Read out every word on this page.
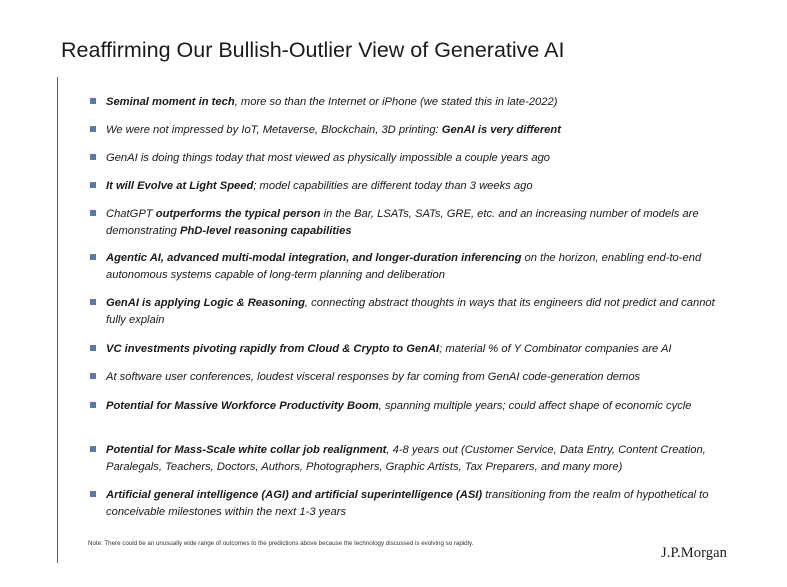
Reaffirming Our Bullish-Outlier View of Generative AI
Seminal moment in tech, more so than the Internet or iPhone (we stated this in late-2022)
We were not impressed by IoT, Metaverse, Blockchain, 3D printing: GenAI is very different
GenAI is doing things today that most viewed as physically impossible a couple years ago
It will Evolve at Light Speed; model capabilities are different today than 3 weeks ago
ChatGPT outperforms the typical person in the Bar, LSATs, SATs, GRE, etc. and an increasing number of models are demonstrating PhD-level reasoning capabilities
Agentic AI, advanced multi-modal integration, and longer-duration inferencing on the horizon, enabling end-to-end autonomous systems capable of long-term planning and deliberation
GenAI is applying Logic & Reasoning, connecting abstract thoughts in ways that its engineers did not predict and cannot fully explain
VC investments pivoting rapidly from Cloud & Crypto to GenAI; material % of Y Combinator companies are AI
At software user conferences, loudest visceral responses by far coming from GenAI code-generation demos
Potential for Massive Workforce Productivity Boom, spanning multiple years; could affect shape of economic cycle
Potential for Mass-Scale white collar job realignment, 4-8 years out (Customer Service, Data Entry, Content Creation, Paralegals, Teachers, Doctors, Authors, Photographers, Graphic Artists, Tax Preparers, and many more)
Artificial general intelligence (AGI) and artificial superintelligence (ASI) transitioning from the realm of hypothetical to conceivable milestones within the next 1-3 years
Note: There could be an unusually wide range of outcomes to the predictions above because the technology discussed is evolving so rapidly.
J.P.Morgan
